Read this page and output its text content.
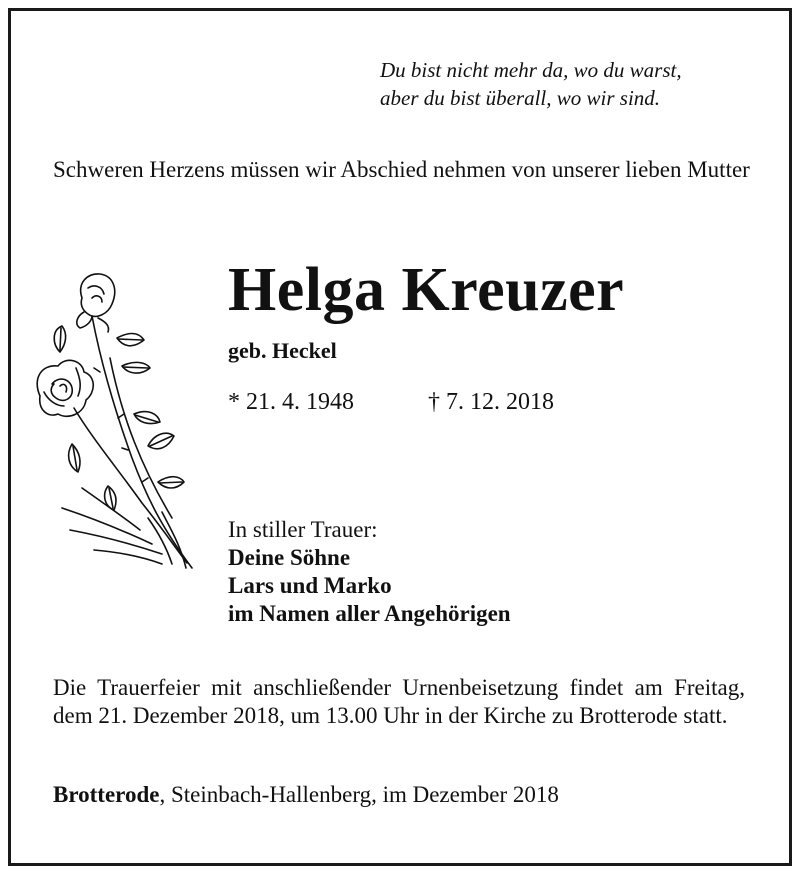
Du bist nicht mehr da, wo du warst,
aber du bist überall, wo wir sind.
Schweren Herzens müssen wir Abschied nehmen von unserer lieben Mutter
Helga Kreuzer
geb. Heckel
* 21. 4. 1948	† 7. 12. 2018
In stiller Trauer:
Deine Söhne
Lars und Marko
im Namen aller Angehörigen
Die Trauerfeier mit anschließender Urnenbeisetzung findet am Freitag, dem 21. Dezember 2018, um 13.00 Uhr in der Kirche zu Brotterode statt.
Brotterode, Steinbach-Hallenberg, im Dezember 2018
